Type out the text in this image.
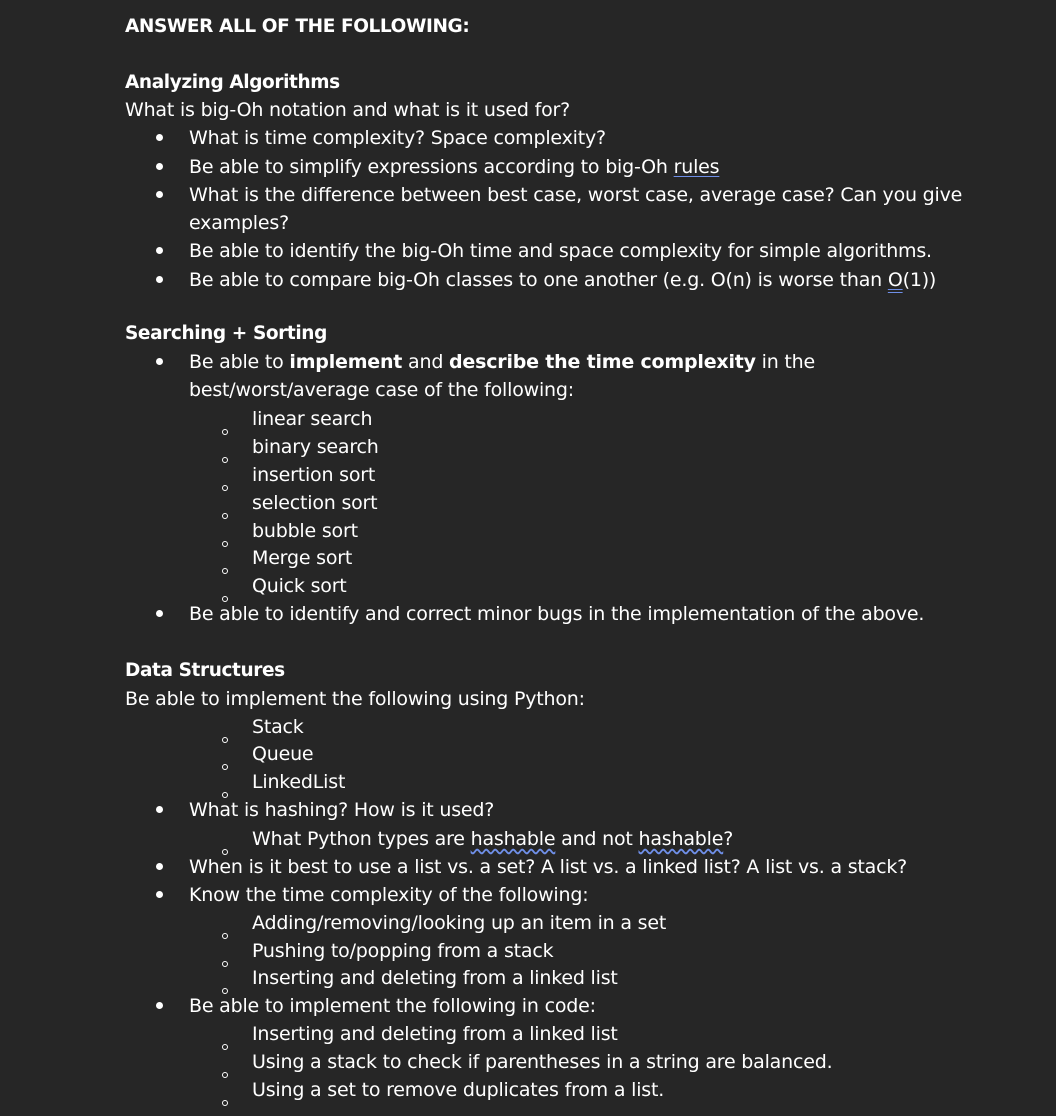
ANSWER ALL OF THE FOLLOWING:
Analyzing Algorithms
What is big-Oh notation and what is it used for?
What is time complexity? Space complexity?
Be able to simplify expressions according to big-Oh rules
What is the difference between best case, worst case, average case? Can you give
examples?
Be able to identify the big-Oh time and space complexity for simple algorithms.
Be able to compare big-Oh classes to one another (e.g. O(n) is worse than O(1))
Searching + Sorting
Be able to implement and describe the time complexity in the
best/worst/average case of the following:
linear search
binary search
insertion sort
selection sort
bubble sort
Merge sort
Quick sort
Be able to identify and correct minor bugs in the implementation of the above.
Data Structures
Be able to implement the following using Python:
Stack
Queue
LinkedList
What is hashing? How is it used?
What Python types are hashable and not hashable?
When is it best to use a list vs. a set? A list vs. a linked list? A list vs. a stack?
Know the time complexity of the following:
Adding/removing/looking up an item in a set
Pushing to/popping from a stack
Inserting and deleting from a linked list
Be able to implement the following in code:
Inserting and deleting from a linked list
Using a stack to check if parentheses in a string are balanced.
Using a set to remove duplicates from a list.
